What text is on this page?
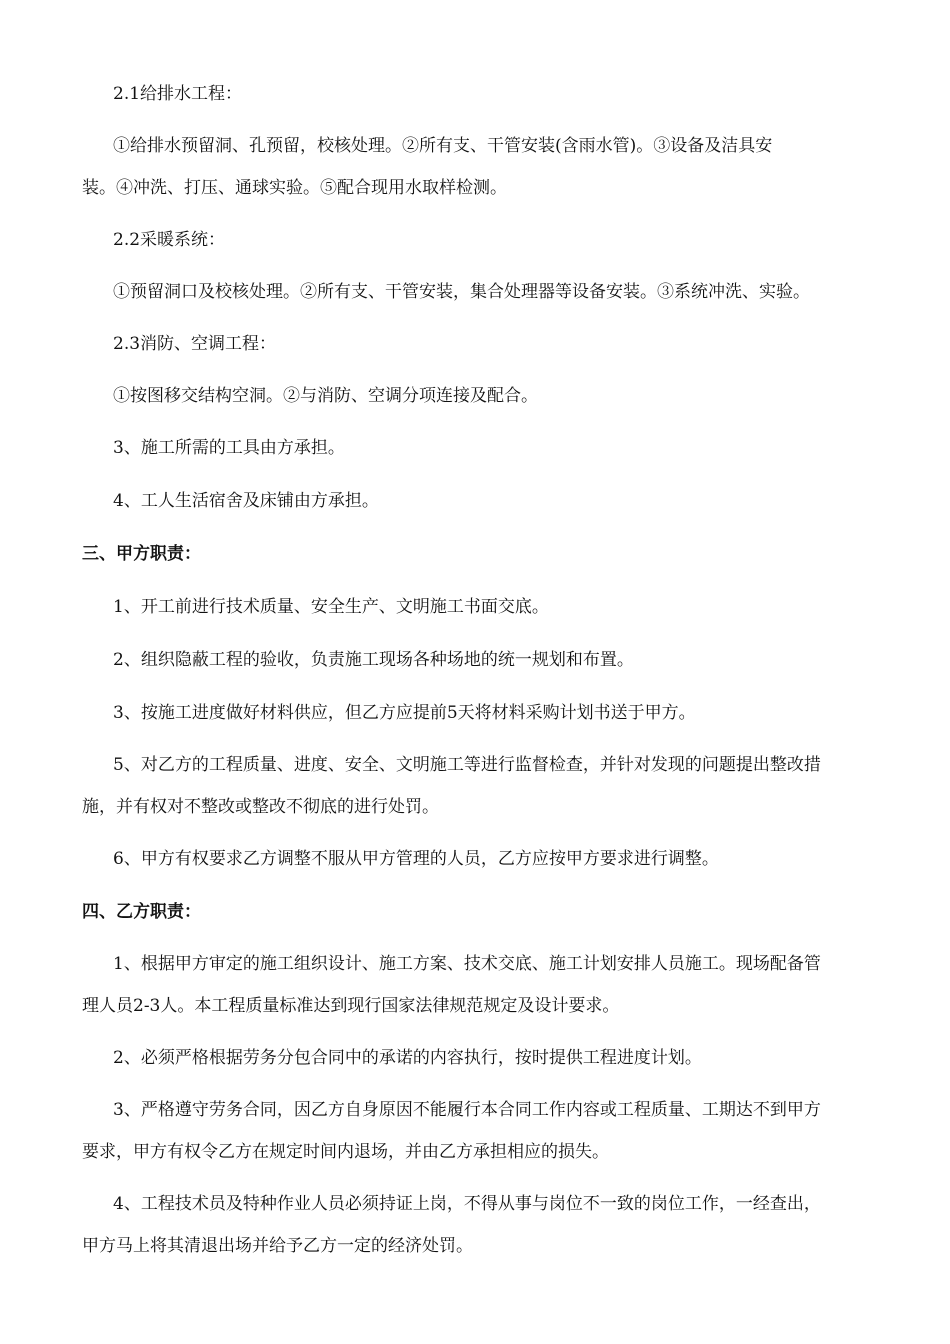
2.1给排水工程：
①给排水预留洞、孔预留，校核处理。②所有支、干管安装(含雨水管)。③设备及洁具安
装。④冲洗、打压、通球实验。⑤配合现用水取样检测。
2.2采暖系统：
①预留洞口及校核处理。②所有支、干管安装，集合处理器等设备安装。③系统冲洗、实验。
2.3消防、空调工程：
①按图移交结构空洞。②与消防、空调分项连接及配合。
3、施工所需的工具由方承担。
4、工人生活宿舍及床铺由方承担。
三、甲方职责：
1、开工前进行技术质量、安全生产、文明施工书面交底。
2、组织隐蔽工程的验收，负责施工现场各种场地的统一规划和布置。
3、按施工进度做好材料供应，但乙方应提前5天将材料采购计划书送于甲方。
5、对乙方的工程质量、进度、安全、文明施工等进行监督检查，并针对发现的问题提出整改措
施，并有权对不整改或整改不彻底的进行处罚。
6、甲方有权要求乙方调整不服从甲方管理的人员，乙方应按甲方要求进行调整。
四、乙方职责：
1、根据甲方审定的施工组织设计、施工方案、技术交底、施工计划安排人员施工。现场配备管
理人员2-3人。本工程质量标准达到现行国家法律规范规定及设计要求。
2、必须严格根据劳务分包合同中的承诺的内容执行，按时提供工程进度计划。
3、严格遵守劳务合同，因乙方自身原因不能履行本合同工作内容或工程质量、工期达不到甲方
要求，甲方有权令乙方在规定时间内退场，并由乙方承担相应的损失。
4、工程技术员及特种作业人员必须持证上岗，不得从事与岗位不一致的岗位工作，一经查出，
甲方马上将其清退出场并给予乙方一定的经济处罚。
